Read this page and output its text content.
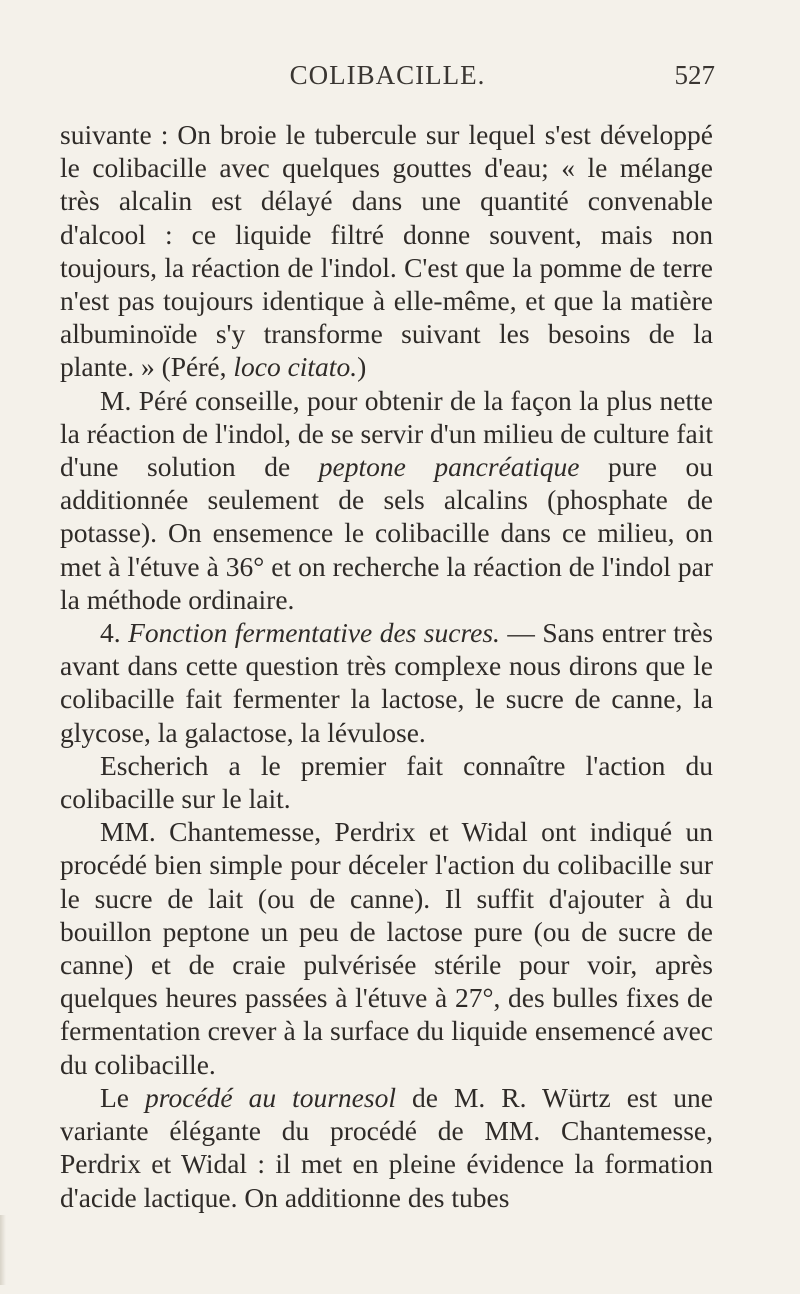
COLIBACILLE.	527

suivante : On broie le tubercule sur lequel s'est développé le colibacille avec quelques gouttes d'eau; « le mélange très alcalin est délayé dans une quantité convenable d'alcool : ce liquide filtré donne souvent, mais non toujours, la réaction de l'indol. C'est que la pomme de terre n'est pas toujours identique à elle-même, et que la matière albuminoïde s'y transforme suivant les besoins de la plante. » (Péré, loco citato.)

M. Péré conseille, pour obtenir de la façon la plus nette la réaction de l'indol, de se servir d'un milieu de culture fait d'une solution de peptone pancréatique pure ou additionnée seulement de sels alcalins (phosphate de potasse). On ensemence le colibacille dans ce milieu, on met à l'étuve à 36° et on recherche la réaction de l'indol par la méthode ordinaire.

4. Fonction fermentative des sucres. — Sans entrer très avant dans cette question très complexe nous dirons que le colibacille fait fermenter la lactose, le sucre de canne, la glycose, la galactose, la lévulose.

Escherich a le premier fait connaître l'action du colibacille sur le lait.

MM. Chantemesse, Perdrix et Widal ont indiqué un procédé bien simple pour déceler l'action du colibacille sur le sucre de lait (ou de canne). Il suffit d'ajouter à du bouillon peptone un peu de lactose pure (ou de sucre de canne) et de craie pulvérisée stérile pour voir, après quelques heures passées à l'étuve à 27°, des bulles fixes de fermentation crever à la surface du liquide ensemencé avec du colibacille.

Le procédé au tournesol de M. R. Würtz est une variante élégante du procédé de MM. Chantemesse, Perdrix et Widal : il met en pleine évidence la formation d'acide lactique. On additionne des tubes
